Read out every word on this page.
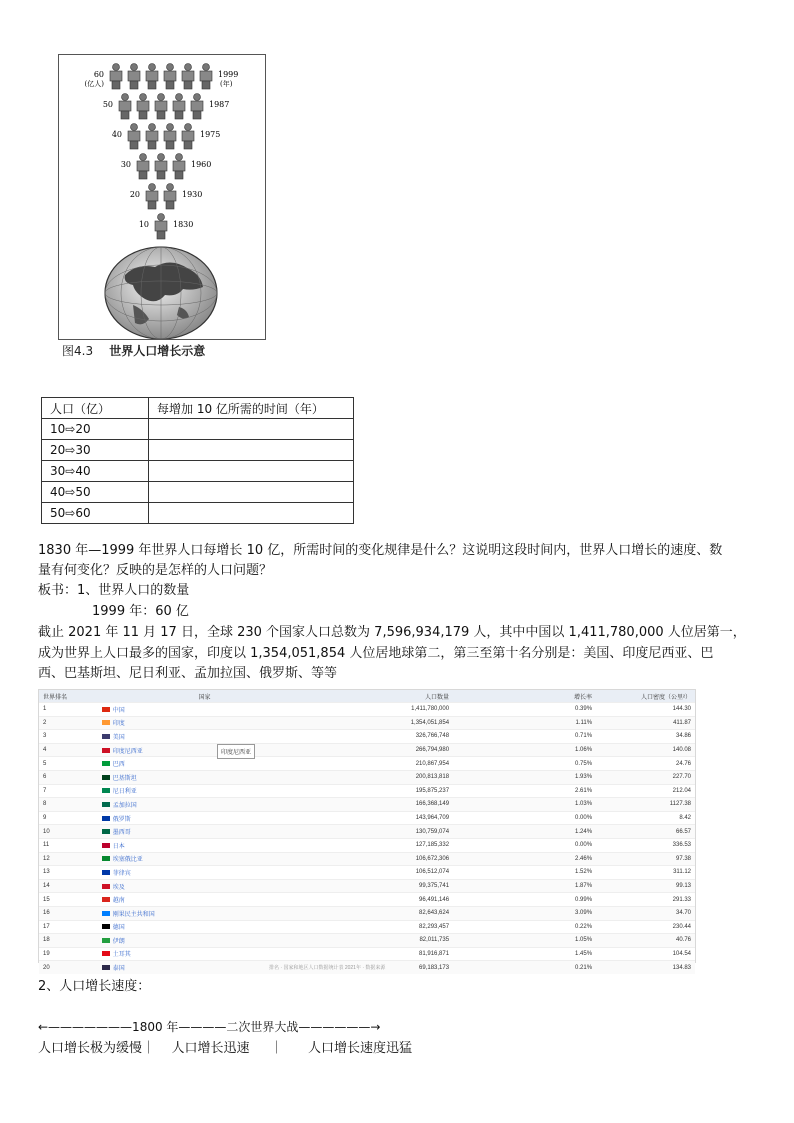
60
(亿人)
1999
(年)
50	1987
40	1975
30	1960
20	1930
10	1830
图4.3 世界人口增长示意
人口（亿）	每增加 10 亿所需的时间（年）
10⇨20	
20⇨30	
30⇨40	
40⇨50	
50⇨60	
1830 年—1999 年世界人口每增长 10 亿，所需时间的变化规律是什么？这说明这段时间内，世界人口增长的速度、数
量有何变化？反映的是怎样的人口问题？
板书：1、世界人口的数量
1999 年：60 亿
截止 2021 年 11 月 17 日，全球 230 个国家人口总数为 7,596,934,179 人，其中中国以 1,411,780,000 人位居第一，
成为世界上人口最多的国家，印度以 1,354,051,854 人位居地球第二，第三至第十名分别是：美国、印度尼西亚、巴
西、巴基斯坦、尼日利亚、孟加拉国、俄罗斯、等等
世界排名	国家	人口数量	增长率	人口密度（公里²）
1	中国	1,411,780,000	0.39%	144.30
2	印度	1,354,051,854	1.11%	411.87
3	美国	326,766,748	0.71%	34.86
4	印度尼西亚	266,794,980	1.06%	140.08
5	巴西	210,867,954	0.75%	24.76
6	巴基斯坦	200,813,818	1.93%	227.70
7	尼日利亚	195,875,237	2.61%	212.04
8	孟加拉国	166,368,149	1.03%	1127.38
9	俄罗斯	143,964,709	0.00%	8.42
10	墨西哥	130,759,074	1.24%	66.57
11	日本	127,185,332	0.00%	336.53
12	埃塞俄比亚	106,672,306	2.46%	97.38
13	菲律宾	106,512,074	1.52%	311.12
14	埃及	99,375,741	1.87%	99.13
15	越南	96,491,146	0.99%	291.33
16	刚果民主共和国	82,643,624	3.09%	34.70
17	德国	82,293,457	0.22%	230.44
18	伊朗	82,011,735	1.05%	40.76
19	土耳其	81,916,871	1.45%	104.54
20	泰国	69,183,173	0.21%	134.83
印度尼西亚
排名 · 国家和地区人口数据统计表 2021年 · 数据来源
2、人口增长速度：
←———————1800 年————二次世界大战——————→
人口增长极为缓慢｜    人口增长迅速     ｜      人口增长速度迅猛
